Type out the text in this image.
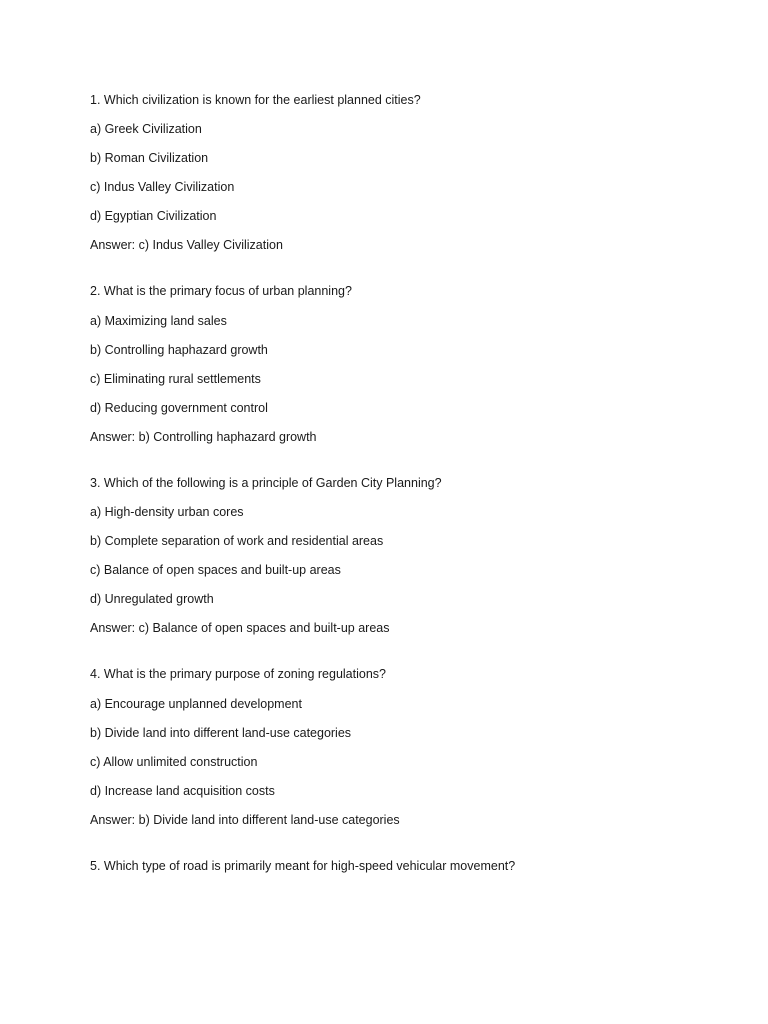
1. Which civilization is known for the earliest planned cities?
a) Greek Civilization
b) Roman Civilization
c) Indus Valley Civilization
d) Egyptian Civilization
Answer: c) Indus Valley Civilization
2. What is the primary focus of urban planning?
a) Maximizing land sales
b) Controlling haphazard growth
c) Eliminating rural settlements
d) Reducing government control
Answer: b) Controlling haphazard growth
3. Which of the following is a principle of Garden City Planning?
a) High-density urban cores
b) Complete separation of work and residential areas
c) Balance of open spaces and built-up areas
d) Unregulated growth
Answer: c) Balance of open spaces and built-up areas
4. What is the primary purpose of zoning regulations?
a) Encourage unplanned development
b) Divide land into different land-use categories
c) Allow unlimited construction
d) Increase land acquisition costs
Answer: b) Divide land into different land-use categories
5. Which type of road is primarily meant for high-speed vehicular movement?
